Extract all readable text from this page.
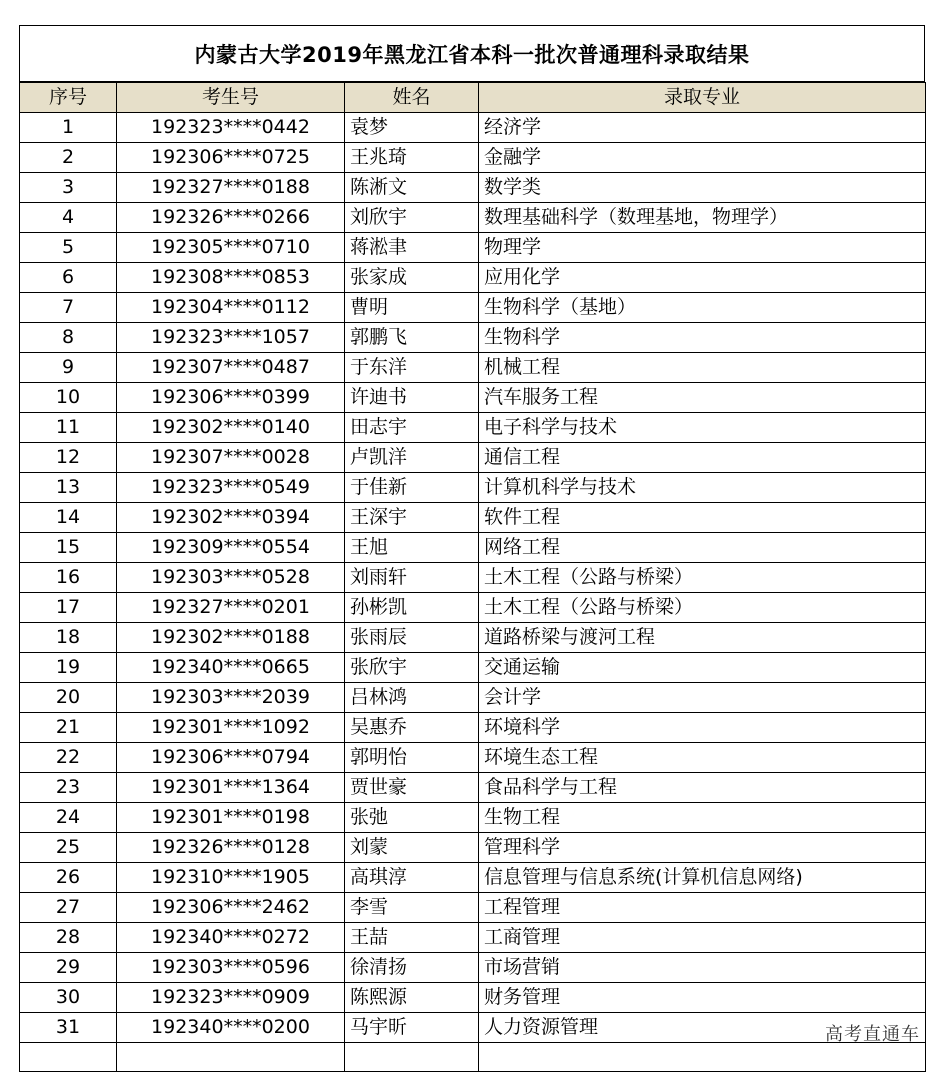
内蒙古大学2019年黑龙江省本科一批次普通理科录取结果
序号	考生号	姓名	录取专业
1	192323****0442	袁梦	经济学
2	192306****0725	王兆琦	金融学
3	192327****0188	陈淅文	数学类
4	192326****0266	刘欣宇	数理基础科学（数理基地，物理学）
5	192305****0710	蒋淞聿	物理学
6	192308****0853	张家成	应用化学
7	192304****0112	曹明	生物科学（基地）
8	192323****1057	郭鹏飞	生物科学
9	192307****0487	于东洋	机械工程
10	192306****0399	许迪书	汽车服务工程
11	192302****0140	田志宇	电子科学与技术
12	192307****0028	卢凯洋	通信工程
13	192323****0549	于佳新	计算机科学与技术
14	192302****0394	王深宇	软件工程
15	192309****0554	王旭	网络工程
16	192303****0528	刘雨轩	土木工程（公路与桥梁）
17	192327****0201	孙彬凯	土木工程（公路与桥梁）
18	192302****0188	张雨辰	道路桥梁与渡河工程
19	192340****0665	张欣宇	交通运输
20	192303****2039	吕林鸿	会计学
21	192301****1092	吴惠乔	环境科学
22	192306****0794	郭明怡	环境生态工程
23	192301****1364	贾世豪	食品科学与工程
24	192301****0198	张弛	生物工程
25	192326****0128	刘蒙	管理科学
26	192310****1905	高琪淳	信息管理与信息系统(计算机信息网络)
27	192306****2462	李雪	工程管理
28	192340****0272	王喆	工商管理
29	192303****0596	徐清扬	市场营销
30	192323****0909	陈熙源	财务管理
31	192340****0200	马宇昕	人力资源管理
				高考直通车
